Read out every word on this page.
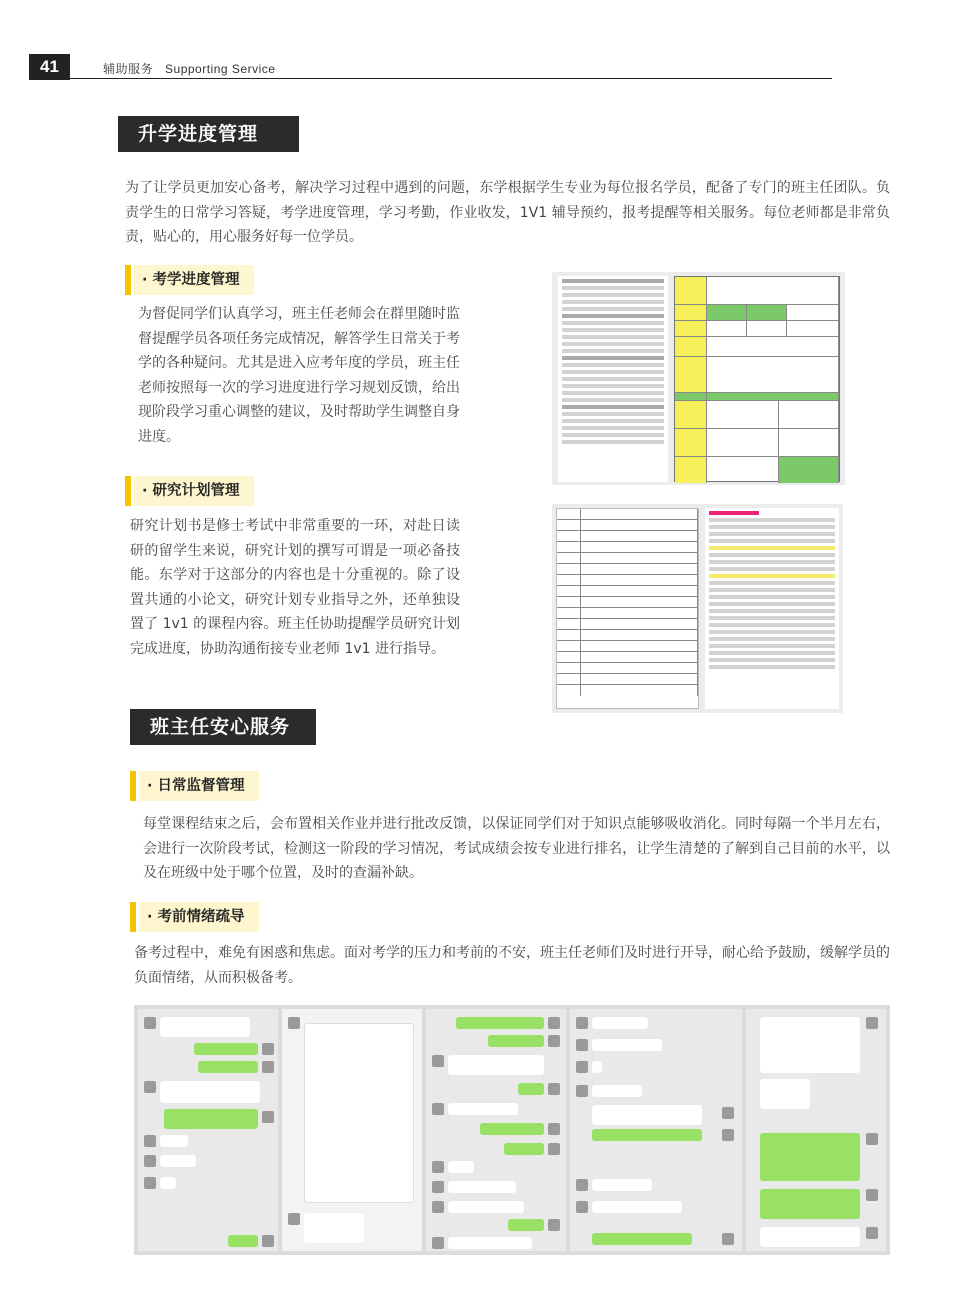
41	辅助服务 Supporting Service
升学进度管理
为了让学员更加安心备考，解决学习过程中遇到的问题，东学根据学生专业为每位报名学员，配备了专门的班主任团队。负责学生的日常学习答疑，考学进度管理，学习考勤，作业收发，1V1 辅导预约，报考提醒等相关服务。每位老师都是非常负责，贴心的，用心服务好每一位学员。
· 考学进度管理
为督促同学们认真学习，班主任老师会在群里随时监督提醒学员各项任务完成情况，解答学生日常关于考学的各种疑问。尤其是进入应考年度的学员，班主任老师按照每一次的学习进度进行学习规划反馈，给出现阶段学习重心调整的建议，及时帮助学生调整自身进度。
· 研究计划管理
研究计划书是修士考试中非常重要的一环，对赴日读研的留学生来说，研究计划的撰写可谓是一项必备技能。东学对于这部分的内容也是十分重视的。除了设置共通的小论文，研究计划专业指导之外，还单独设置了 1v1 的课程内容。班主任协助提醒学员研究计划完成进度，协助沟通衔接专业老师 1v1 进行指导。
班主任安心服务
· 日常监督管理
每堂课程结束之后，会布置相关作业并进行批改反馈，以保证同学们对于知识点能够吸收消化。同时每隔一个半月左右，会进行一次阶段考试，检测这一阶段的学习情况，考试成绩会按专业进行排名，让学生清楚的了解到自己目前的水平，以及在班级中处于哪个位置，及时的查漏补缺。
· 考前情绪疏导
备考过程中，难免有困惑和焦虑。面对考学的压力和考前的不安，班主任老师们及时进行开导，耐心给予鼓励，缓解学员的负面情绪，从而积极备考。
